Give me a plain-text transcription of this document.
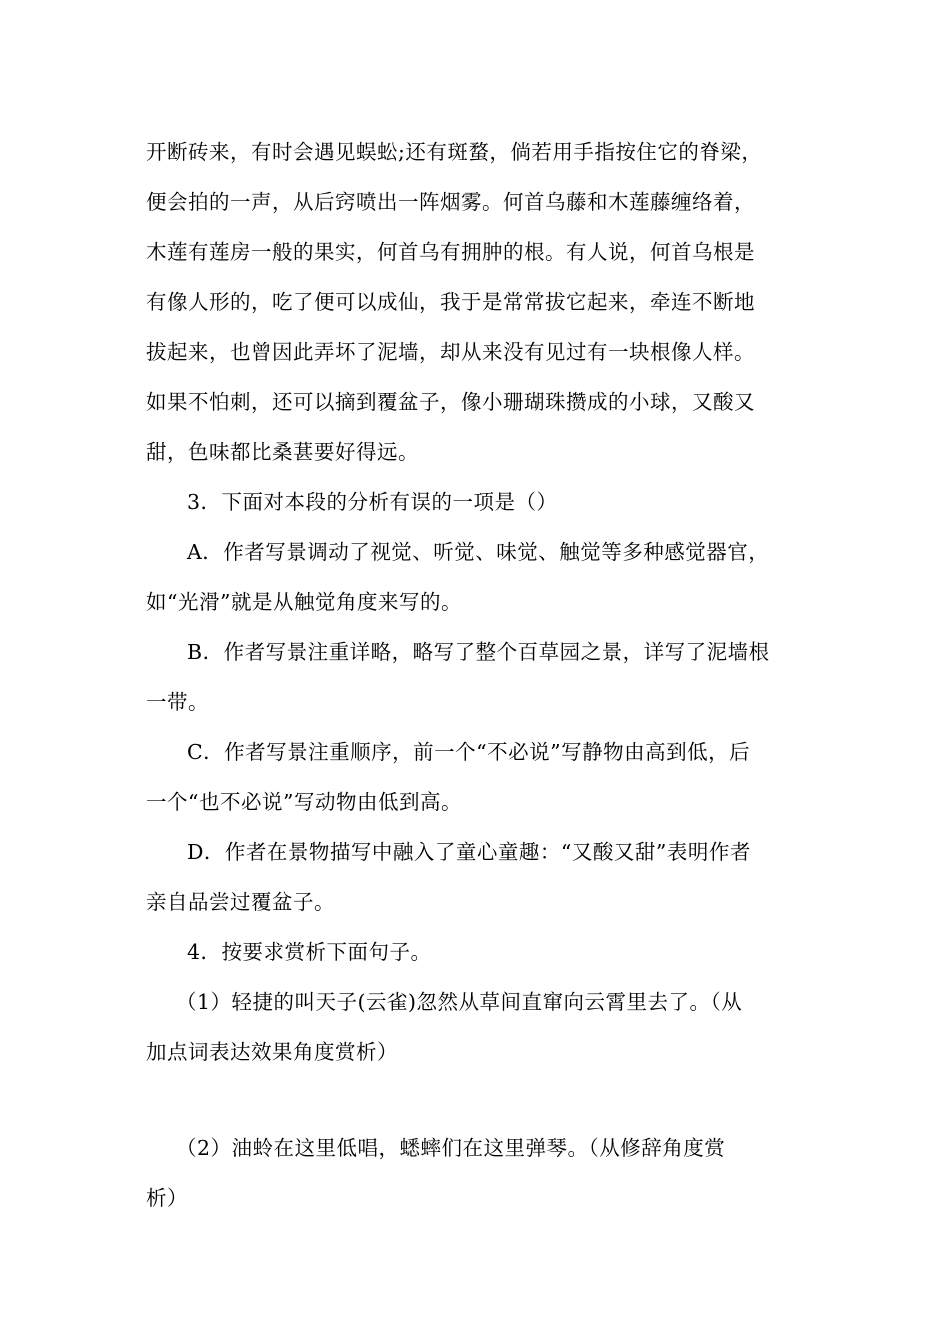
开断砖来，有时会遇见蜈蚣;还有斑蝥，倘若用手指按住它的脊梁，
便会拍的一声，从后窍喷出一阵烟雾。何首乌藤和木莲藤缠络着，
木莲有莲房一般的果实，何首乌有拥肿的根。有人说，何首乌根是
有像人形的，吃了便可以成仙，我于是常常拔它起来，牵连不断地
拔起来，也曾因此弄坏了泥墙，却从来没有见过有一块根像人样。
如果不怕刺，还可以摘到覆盆子，像小珊瑚珠攒成的小球，又酸又
甜，色味都比桑葚要好得远。
3．下面对本段的分析有误的一项是（）
A．作者写景调动了视觉、听觉、味觉、触觉等多种感觉器官，
如“光滑”就是从触觉角度来写的。
B．作者写景注重详略，略写了整个百草园之景，详写了泥墙根
一带。
C．作者写景注重顺序，前一个“不必说”写静物由高到低，后
一个“也不必说”写动物由低到高。
D．作者在景物描写中融入了童心童趣：“又酸又甜”表明作者
亲自品尝过覆盆子。
4．按要求赏析下面句子。
（1）轻捷的叫天子(云雀)忽然从草间直窜向云霄里去了。（从
加点词表达效果角度赏析）
（2）油蛉在这里低唱，蟋蟀们在这里弹琴。（从修辞角度赏
析）
